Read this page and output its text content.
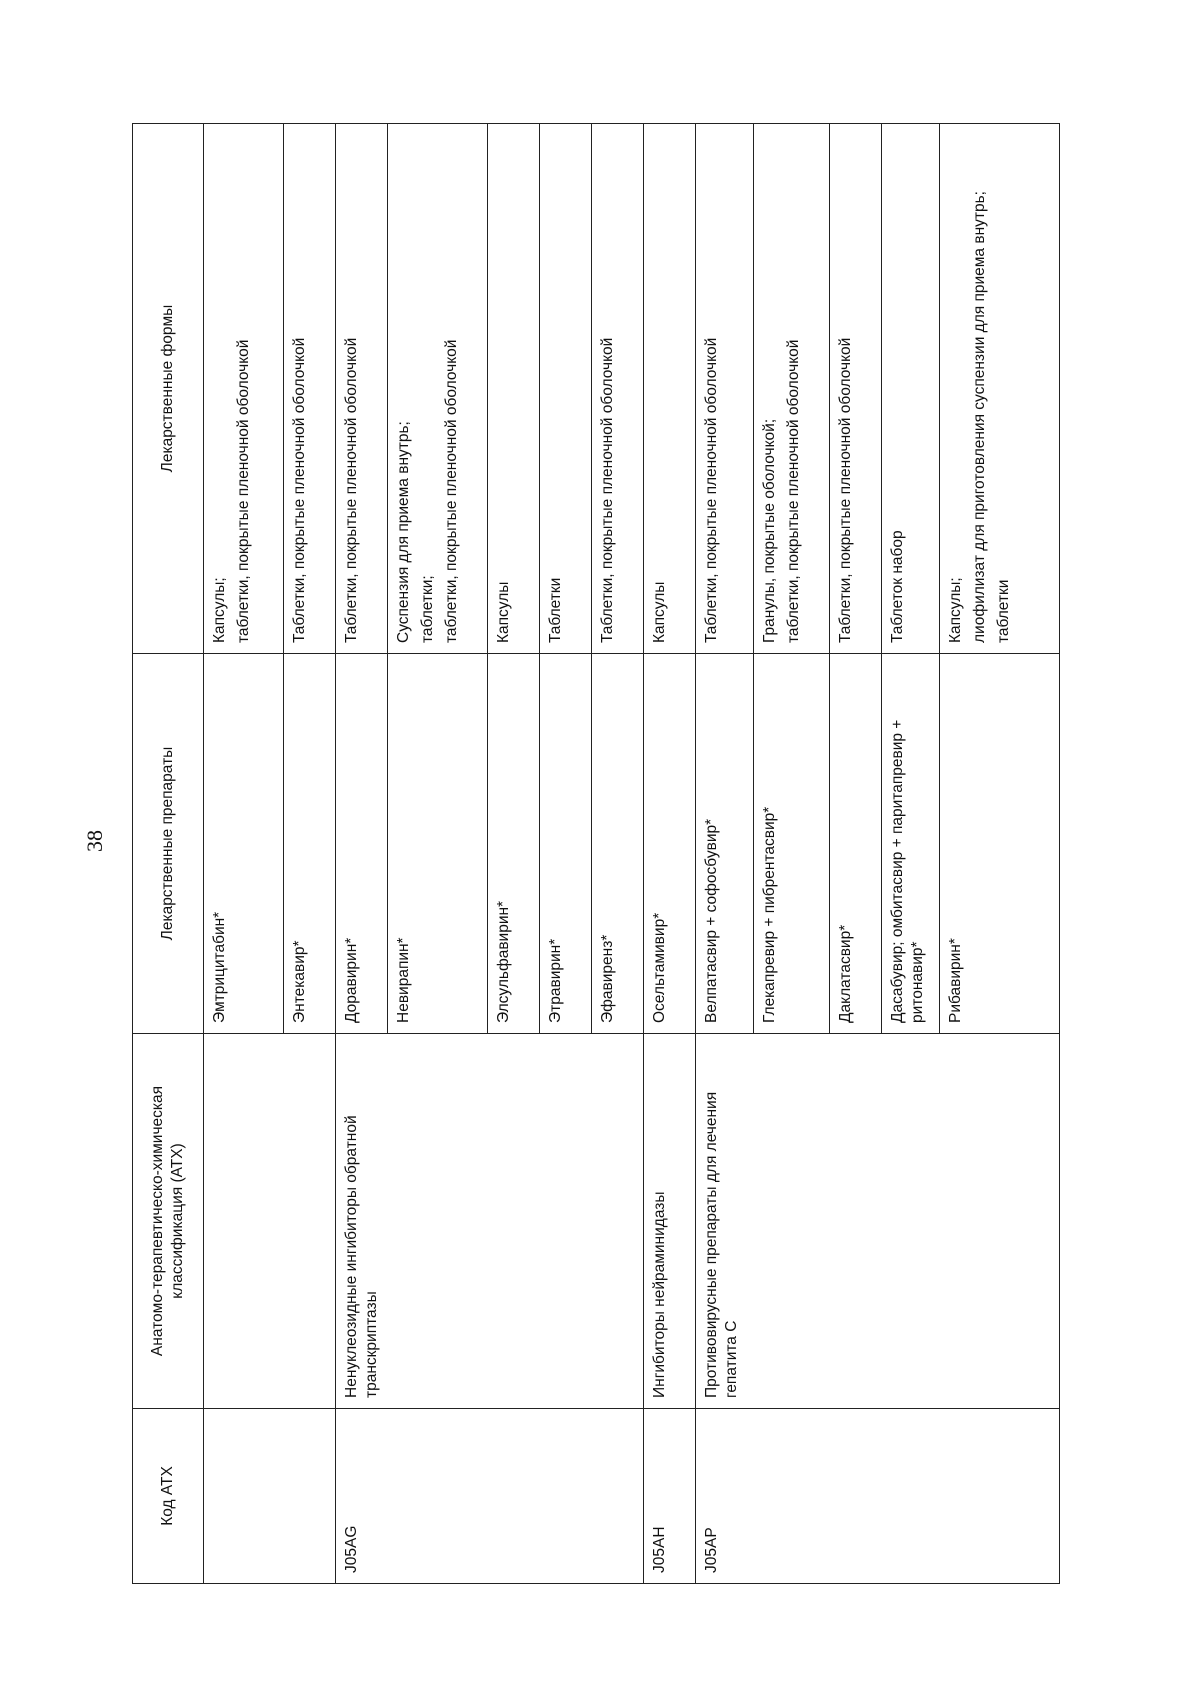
38
Код АТХ	Анатомо-терапевтическо-химическая классификация (АТХ)	Лекарственные препараты	Лекарственные формы
		Эмтрицитабин*	Капсулы; таблетки, покрытые пленочной оболочкой

		Энтекавир*	Таблетки, покрытые пленочной оболочкой

J05AG	Ненуклеозидные ингибиторы обратной транскриптазы	Доравирин*	Таблетки, покрытые пленочной оболочкой

		Невирапин*	Суспензия для приема внутрь; таблетки; таблетки, покрытые пленочной оболочкой

		Элсульфавирин*	Капсулы

		Этравирин*	Таблетки

		Эфавиренз*	Таблетки, покрытые пленочной оболочкой

J05AH	Ингибиторы нейраминидазы	Осельтамивир*	Капсулы

J05AP	Противовирусные препараты для лечения гепатита С	Велпатасвир + софосбувир*	Таблетки, покрытые пленочной оболочкой

		Глекапревир + пибрентасвир*	Гранулы, покрытые оболочкой; таблетки, покрытые пленочной оболочкой

		Даклатасвир*	Таблетки, покрытые пленочной оболочкой

		Дасабувир; омбитасвир + паритапревир + ритонавир*	Таблеток набор

		Рибавирин*	Капсулы; лиофилизат для приготовления суспензии для приема внутрь; таблетки
